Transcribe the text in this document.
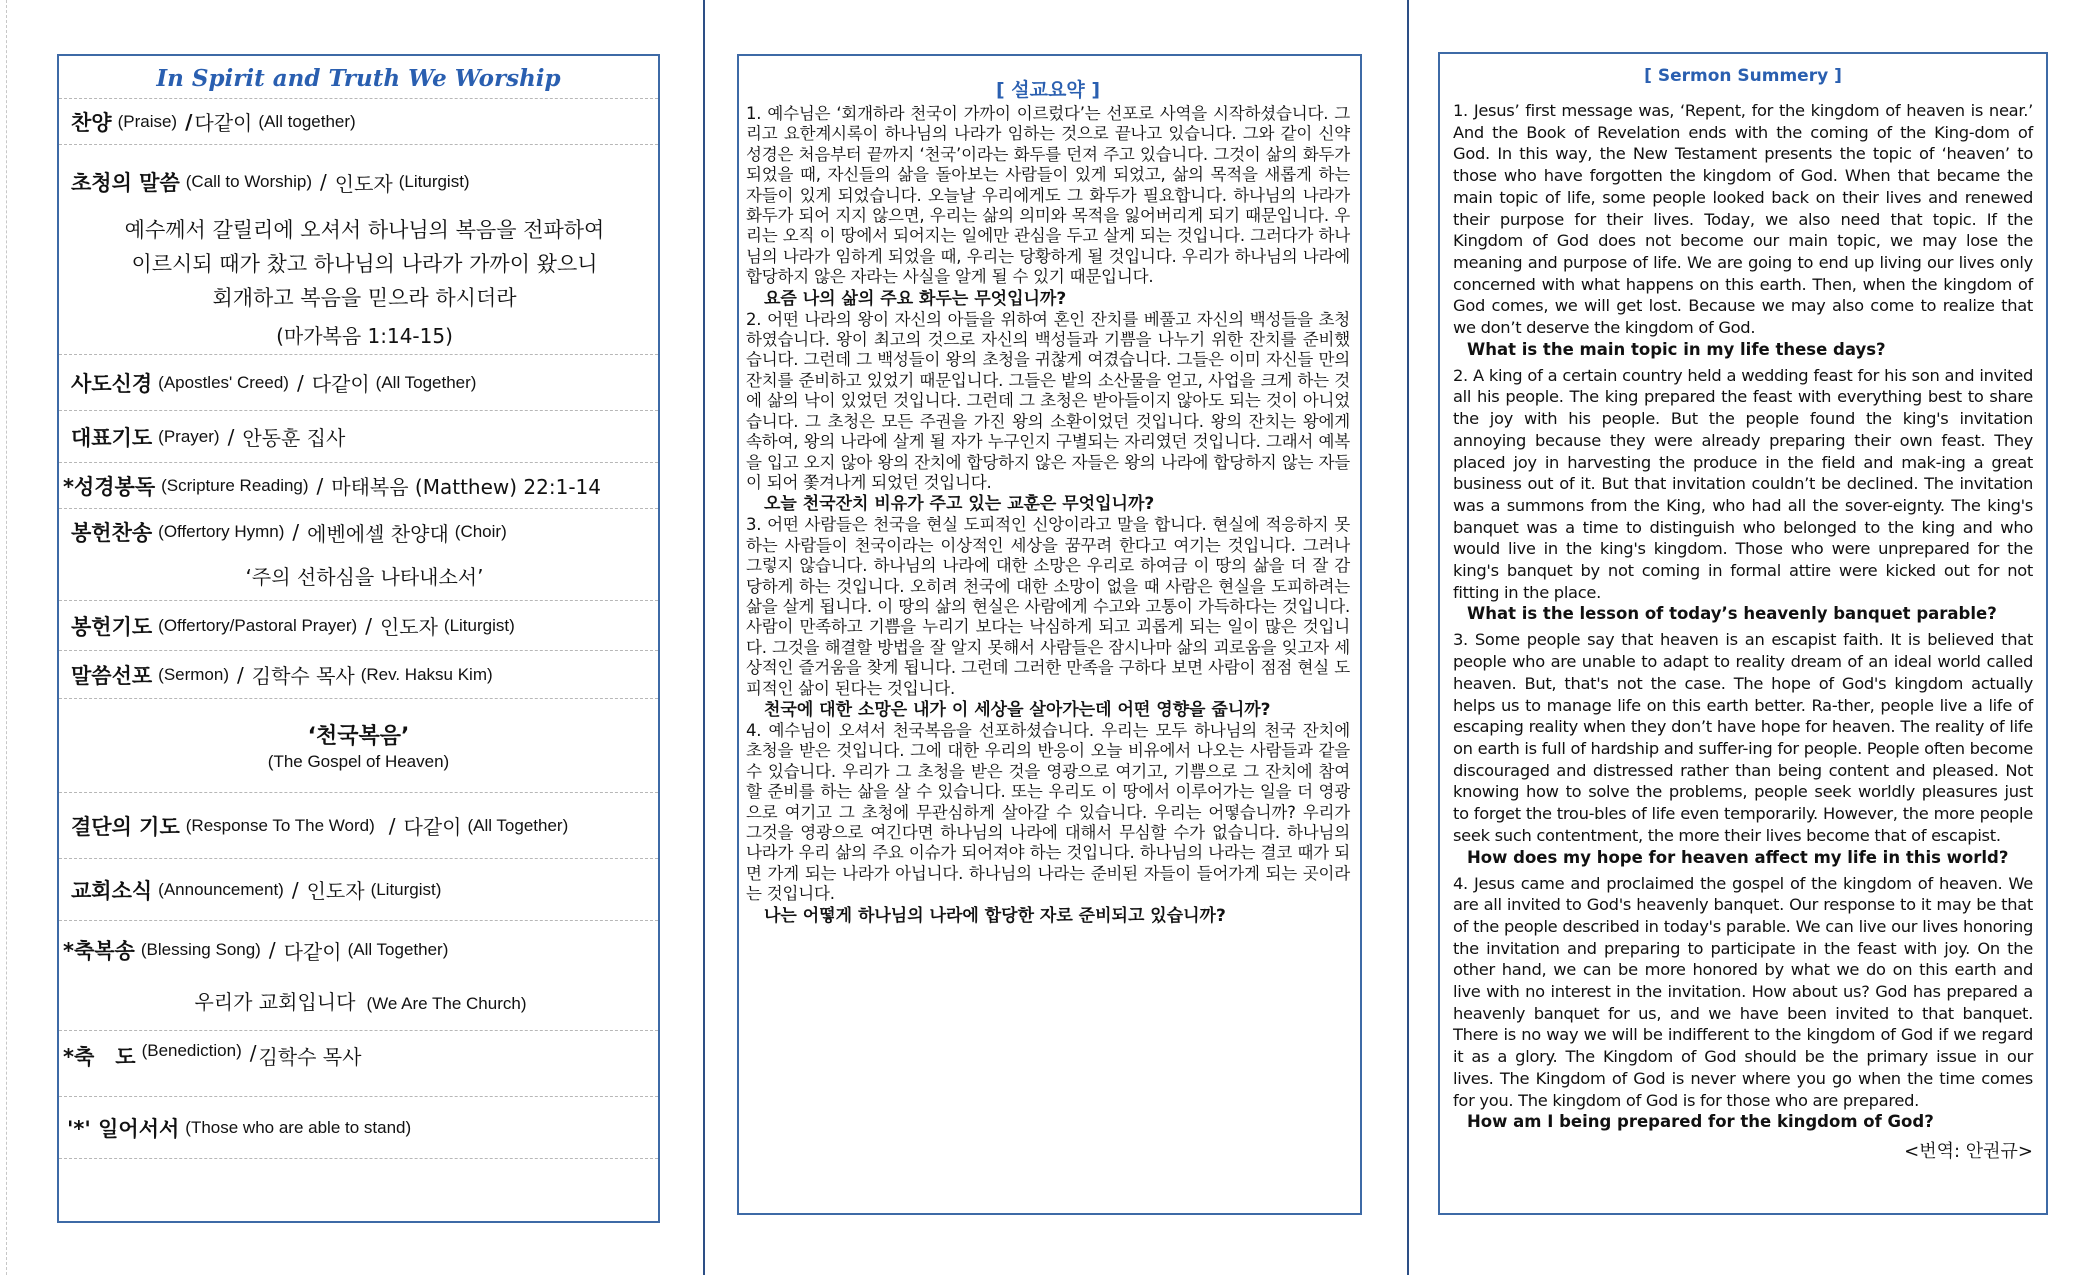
In Spirit and Truth We Worship
찬양 (Praise) / 다같이 (All together)
초청의 말씀 (Call to Worship) / 인도자 (Liturgist)
예수께서 갈릴리에 오셔서 하나님의 복음을 전파하여
이르시되 때가 찼고 하나님의 나라가 가까이 왔으니
회개하고 복음을 믿으라 하시더라
(마가복음 1:14-15)
사도신경 (Apostles' Creed) / 다같이 (All Together)
대표기도 (Prayer) / 안동훈 집사
*성경봉독 (Scripture Reading) / 마태복음 (Matthew) 22:1-14
봉헌찬송 (Offertory Hymn) / 에벤에셀 찬양대 (Choir)
‘주의 선하심을 나타내소서’
봉헌기도 (Offertory/Pastoral Prayer) / 인도자 (Liturgist)
말씀선포 (Sermon) / 김학수 목사 (Rev. Haksu Kim)
‘천국복음’
(The Gospel of Heaven)
결단의 기도 (Response To The Word) / 다같이 (All Together)
교회소식 (Announcement) / 인도자 (Liturgist)
*축복송 (Blessing Song) / 다같이 (All Together)
우리가 교회입니다 (We Are The Church)
*축　도 (Benediction) / 김학수 목사
'*' 일어서서 (Those who are able to stand)
[ 설교요약 ]
1. 예수님은 ‘회개하라 천국이 가까이 이르렀다’는 선포로 사역을 시작하셨습니다. 그리고 요한계시록이 하나님의 나라가 임하는 것으로 끝나고 있습니다. 그와 같이 신약성경은 처음부터 끝까지 ‘천국’이라는 화두를 던져 주고 있습니다. 그것이 삶의 화두가 되었을 때, 자신들의 삶을 돌아보는 사람들이 있게 되었고, 삶의 목적을 새롭게 하는 자들이 있게 되었습니다. 오늘날 우리에게도 그 화두가 필요합니다. 하나님의 나라가 화두가 되어 지지 않으면, 우리는 삶의 의미와 목적을 잃어버리게 되기 때문입니다. 우리는 오직 이 땅에서 되어지는 일에만 관심을 두고 살게 되는 것입니다. 그러다가 하나님의 나라가 임하게 되었을 때, 우리는 당황하게 될 것입니다. 우리가 하나님의 나라에 합당하지 않은 자라는 사실을 알게 될 수 있기 때문입니다.
요즘 나의 삶의 주요 화두는 무엇입니까?
2. 어떤 나라의 왕이 자신의 아들을 위하여 혼인 잔치를 베풀고 자신의 백성들을 초청하였습니다. 왕이 최고의 것으로 자신의 백성들과 기쁨을 나누기 위한 잔치를 준비했습니다. 그런데 그 백성들이 왕의 초청을 귀찮게 여겼습니다. 그들은 이미 자신들 만의 잔치를 준비하고 있었기 때문입니다. 그들은 밭의 소산물을 얻고, 사업을 크게 하는 것에 삶의 낙이 있었던 것입니다. 그런데 그 초청은 받아들이지 않아도 되는 것이 아니었습니다. 그 초청은 모든 주권을 가진 왕의 소환이었던 것입니다. 왕의 잔치는 왕에게 속하여, 왕의 나라에 살게 될 자가 누구인지 구별되는 자리였던 것입니다. 그래서 예복을 입고 오지 않아 왕의 잔치에 합당하지 않은 자들은 왕의 나라에 합당하지 않는 자들이 되어 쫓겨나게 되었던 것입니다.
오늘 천국잔치 비유가 주고 있는 교훈은 무엇입니까?
3. 어떤 사람들은 천국을 현실 도피적인 신앙이라고 말을 합니다. 현실에 적응하지 못하는 사람들이 천국이라는 이상적인 세상을 꿈꾸려 한다고 여기는 것입니다. 그러나 그렇지 않습니다. 하나님의 나라에 대한 소망은 우리로 하여금 이 땅의 삶을 더 잘 감당하게 하는 것입니다. 오히려 천국에 대한 소망이 없을 때 사람은 현실을 도피하려는 삶을 살게 됩니다. 이 땅의 삶의 현실은 사람에게 수고와 고통이 가득하다는 것입니다. 사람이 만족하고 기쁨을 누리기 보다는 낙심하게 되고 괴롭게 되는 일이 많은 것입니다. 그것을 해결할 방법을 잘 알지 못해서 사람들은 잠시나마 삶의 괴로움을 잊고자 세상적인 즐거움을 찾게 됩니다. 그런데 그러한 만족을 구하다 보면 사람이 점점 현실 도피적인 삶이 된다는 것입니다.
천국에 대한 소망은 내가 이 세상을 살아가는데 어떤 영향을 줍니까?
4. 예수님이 오셔서 천국복음을 선포하셨습니다. 우리는 모두 하나님의 천국 잔치에 초청을 받은 것입니다. 그에 대한 우리의 반응이 오늘 비유에서 나오는 사람들과 같을 수 있습니다. 우리가 그 초청을 받은 것을 영광으로 여기고, 기쁨으로 그 잔치에 참여할 준비를 하는 삶을 살 수 있습니다. 또는 우리도 이 땅에서 이루어가는 일을 더 영광으로 여기고 그 초청에 무관심하게 살아갈 수 있습니다. 우리는 어떻습니까? 우리가 그것을 영광으로 여긴다면 하나님의 나라에 대해서 무심할 수가 없습니다. 하나님의 나라가 우리 삶의 주요 이슈가 되어져야 하는 것입니다. 하나님의 나라는 결코 때가 되면 가게 되는 나라가 아닙니다. 하나님의 나라는 준비된 자들이 들어가게 되는 곳이라는 것입니다.
나는 어떻게 하나님의 나라에 합당한 자로 준비되고 있습니까?
[ Sermon Summery ]
1. Jesus’ first message was, ‘Repent, for the kingdom of heaven is near.’ And the Book of Revelation ends with the coming of the King-dom of God. In this way, the New Testament presents the topic of ‘heaven’ to those who have forgotten the kingdom of God. When that became the main topic of life, some people looked back on their lives and renewed their purpose for their lives. Today, we also need that topic. If the Kingdom of God does not become our main topic, we may lose the meaning and purpose of life. We are going to end up living our lives only concerned with what happens on this earth. Then, when the kingdom of God comes, we will get lost. Because we may also come to realize that we don’t deserve the kingdom of God.
What is the main topic in my life these days?
2. A king of a certain country held a wedding feast for his son and invited all his people. The king prepared the feast with everything best to share the joy with his people. But the people found the king's invitation annoying because they were already preparing their own feast. They placed joy in harvesting the produce in the field and mak-ing a great business out of it. But that invitation couldn’t be declined. The invitation was a summons from the King, who had all the sover-eignty. The king's banquet was a time to distinguish who belonged to the king and who would live in the king's kingdom. Those who were unprepared for the king's banquet by not coming in formal attire were kicked out for not fitting in the place.
What is the lesson of today’s heavenly banquet parable?
3. Some people say that heaven is an escapist faith. It is believed that people who are unable to adapt to reality dream of an ideal world called heaven. But, that's not the case. The hope of God's kingdom actually helps us to manage life on this earth better. Ra-ther, people live a life of escaping reality when they don’t have hope for heaven. The reality of life on earth is full of hardship and suffer-ing for people. People often become discouraged and distressed rather than being content and pleased. Not knowing how to solve the problems, people seek worldly pleasures just to forget the trou-bles of life even temporarily. However, the more people seek such contentment, the more their lives become that of escapist.
How does my hope for heaven affect my life in this world?
4. Jesus came and proclaimed the gospel of the kingdom of heaven. We are all invited to God's heavenly banquet. Our response to it may be that of the people described in today's parable. We can live our lives honoring the invitation and preparing to participate in the feast with joy. On the other hand, we can be more honored by what we do on this earth and live with no interest in the invitation. How about us? God has prepared a heavenly banquet for us, and we have been invited to that banquet. There is no way we will be indifferent to the kingdom of God if we regard it as a glory. The Kingdom of God should be the primary issue in our lives. The Kingdom of God is never where you go when the time comes for you. The kingdom of God is for those who are prepared.
How am I being prepared for the kingdom of God?
<번역: 안권규>
